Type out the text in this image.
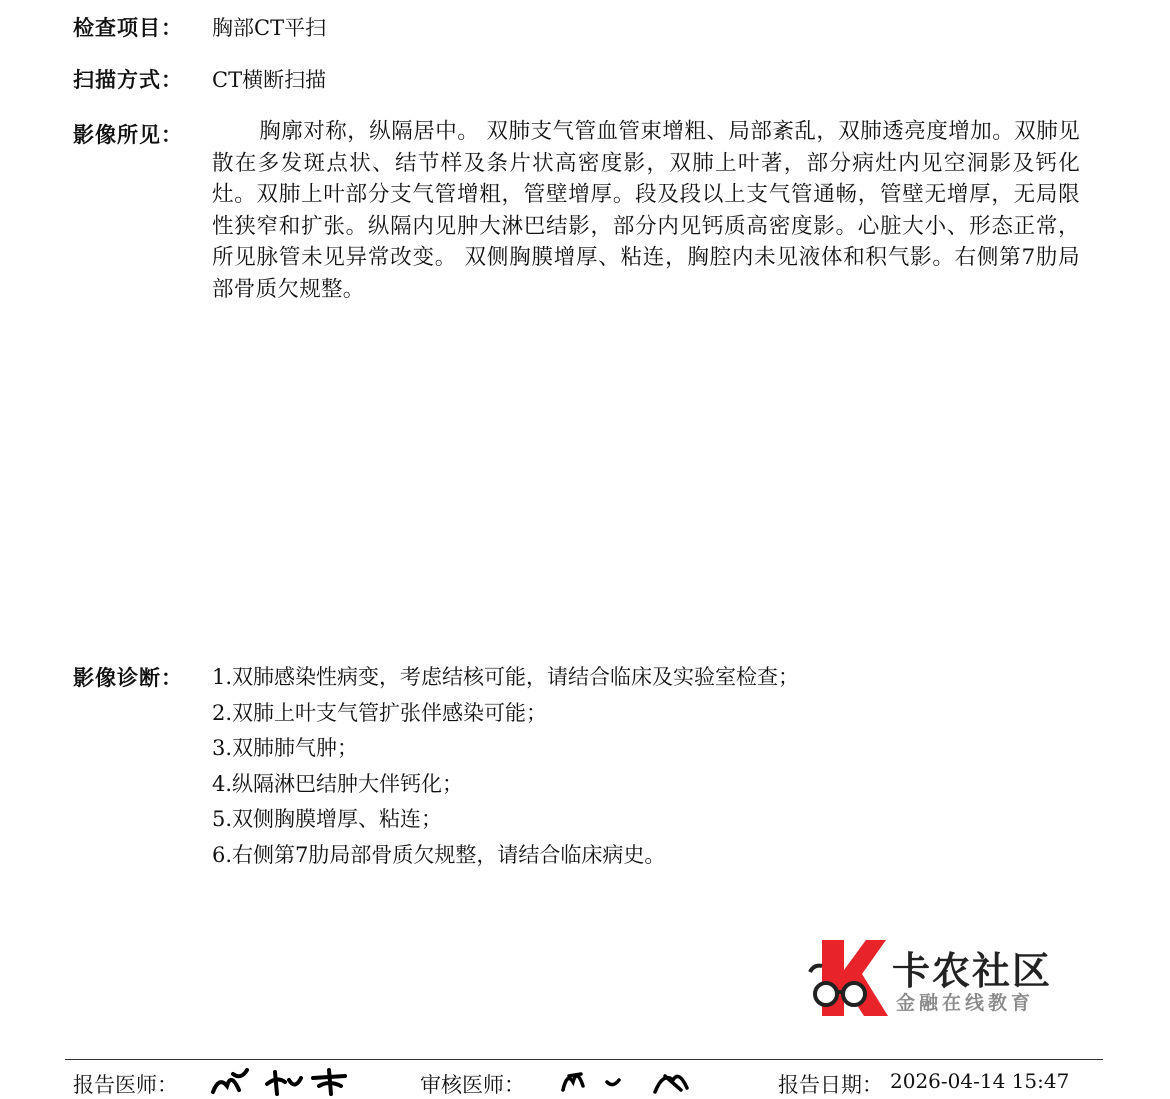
检查项目： 胸部CT平扫
扫描方式： CT横断扫描
影像所见：	胸廓对称，纵隔居中。 双肺支气管血管束增粗、局部紊乱，双肺透亮度增加。双肺见散在多发斑点状、结节样及条片状高密度影，双肺上叶著，部分病灶内见空洞影及钙化灶。双肺上叶部分支气管增粗，管壁增厚。段及段以上支气管通畅，管壁无增厚，无局限性狭窄和扩张。纵隔内见肿大淋巴结影，部分内见钙质高密度影。心脏大小、形态正常，所见脉管未见异常改变。 双侧胸膜增厚、粘连，胸腔内未见液体和积气影。右侧第7肋局部骨质欠规整。
影像诊断： 1.双肺感染性病变，考虑结核可能，请结合临床及实验室检查；
2.双肺上叶支气管扩张伴感染可能；
3.双肺肺气肿；
4.纵隔淋巴结肿大伴钙化；
5.双侧胸膜增厚、粘连；
6.右侧第7肋局部骨质欠规整，请结合临床病史。
卡农社区
金融在线教育
报告医师：	审核医师：	报告日期： 2026-04-14 15:47
